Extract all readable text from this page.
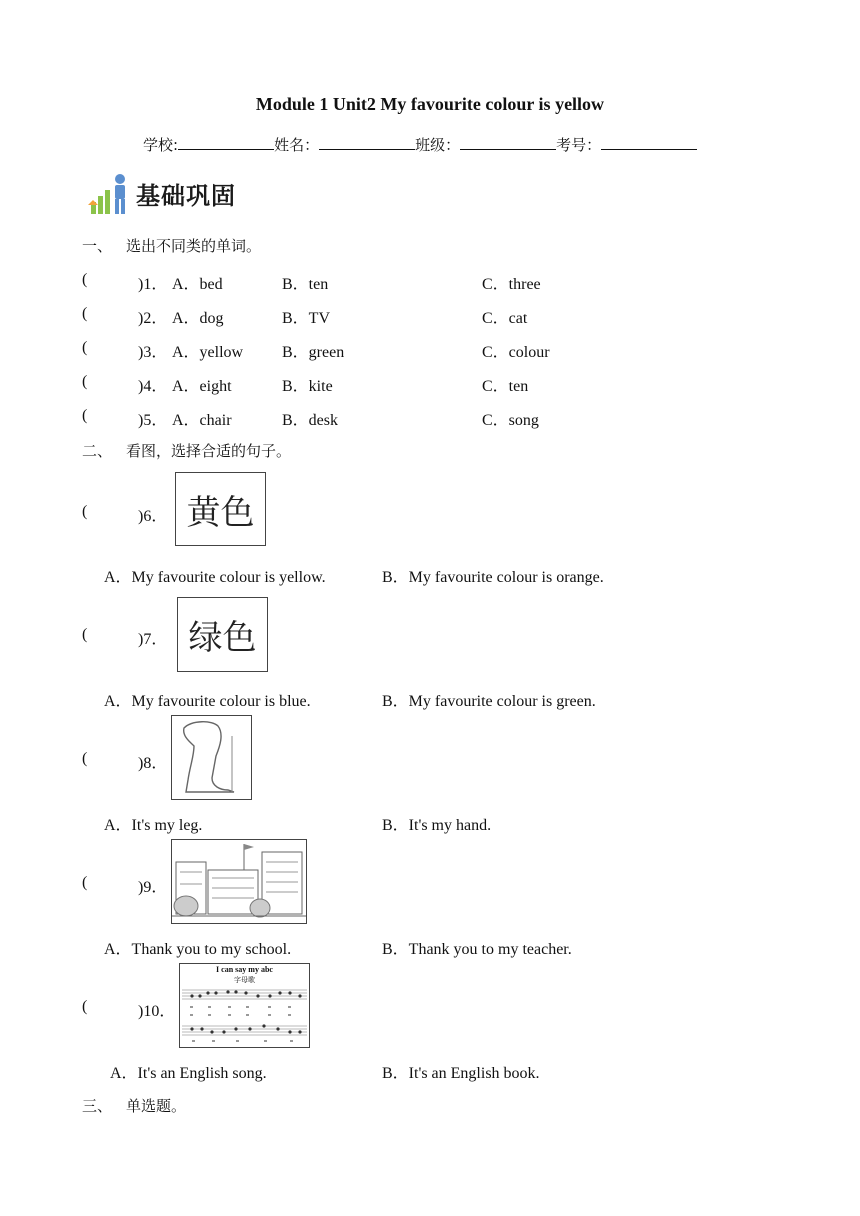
Module 1 Unit2 My favourite colour is yellow
学校:	姓名：	班级：	考号：
基础巩固
一、 选出不同类的单词。
(	)1． A．bed	B．ten	C．three
(	)2． A．dog	B．TV	C．cat
(	)3． A．yellow B．green	C．colour
(	)4． A．eight	B．kite	C．ten
(	)5． A．chair	B．desk	C．song
二、 看图，选择合适的句子。
(	)6． 黄色
A．My favourite colour is yellow.	B．My favourite colour is orange.
(	)7． 绿色
A．My favourite colour is blue.	B．My favourite colour is green.
(	)8．
A．It's my leg.	B．It's my hand.
(	)9．
A．Thank you to my school.	B．Thank you to my teacher.
(	)10．
I can say my abc
字母歌
A．It's an English song.	B．It's an English book.
三、 单选题。
